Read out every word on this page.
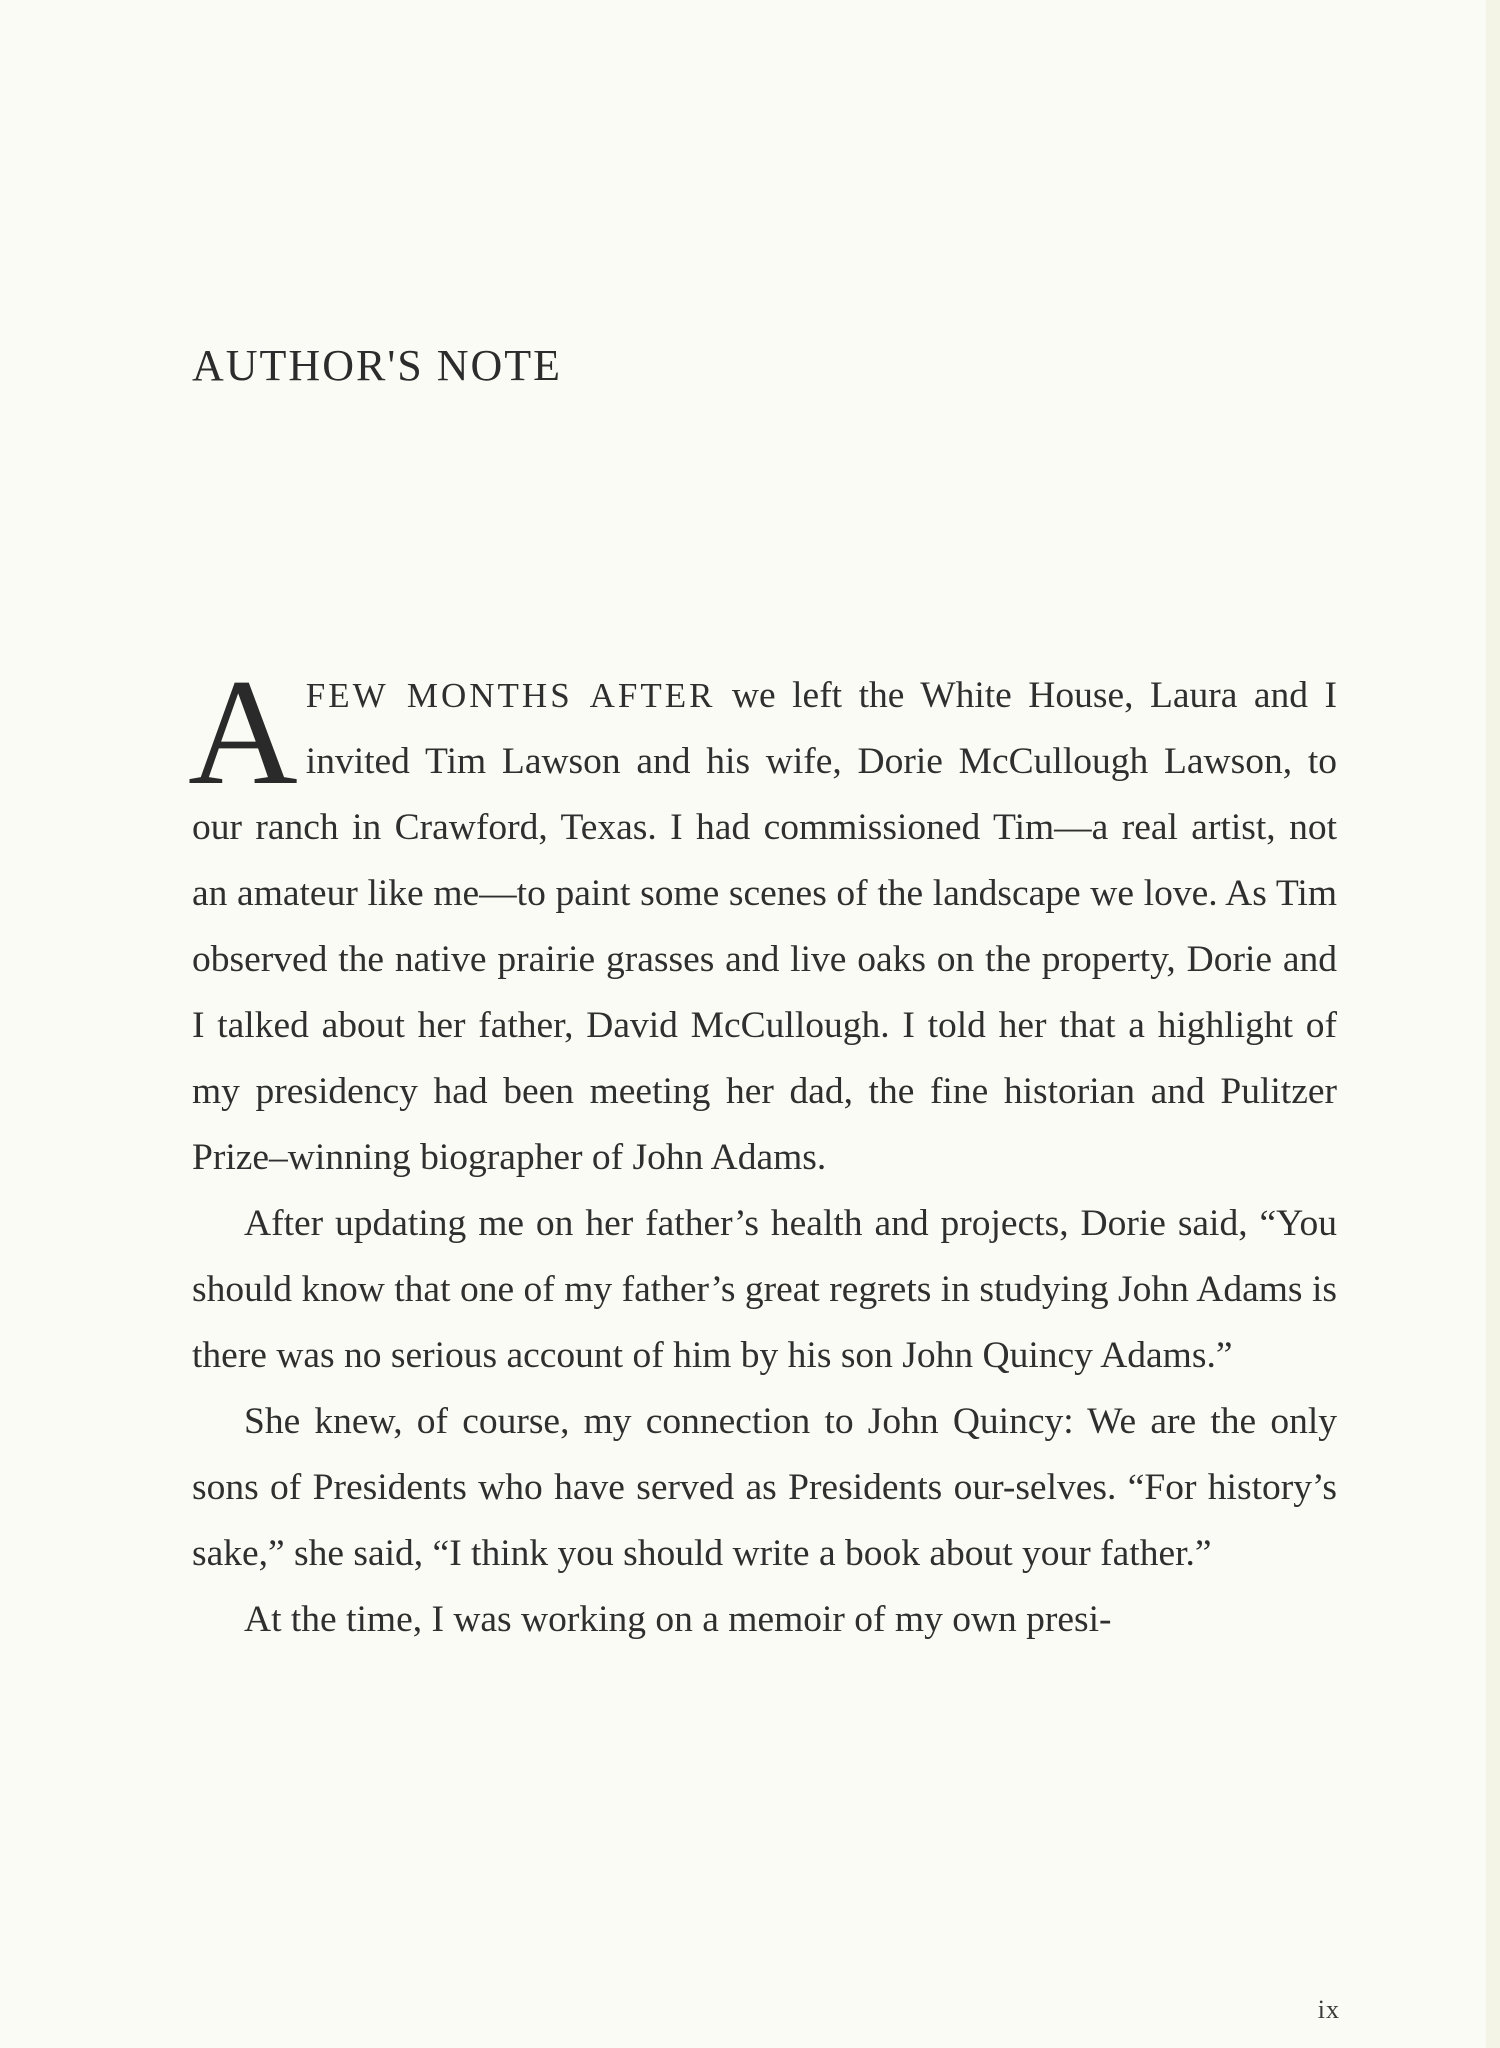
AUTHOR'S NOTE

AFEW MONTHS AFTER we left the White House, Laura and I invited Tim Lawson and his wife, Dorie McCullough Lawson, to our ranch in Crawford, Texas. I had commissioned Tim—a real artist, not an amateur like me—to paint some scenes of the landscape we love. As Tim observed the native prairie grasses and live oaks on the property, Dorie and I talked about her father, David McCullough. I told her that a highlight of my presidency had been meeting her dad, the fine historian and Pulitzer Prize–winning biographer of John Adams.

After updating me on her father’s health and projects, Dorie said, “You should know that one of my father’s great regrets in studying John Adams is there was no serious account of him by his son John Quincy Adams.”

She knew, of course, my connection to John Quincy: We are the only sons of Presidents who have served as Presidents our-selves. “For history’s sake,” she said, “I think you should write a book about your father.”

At the time, I was working on a memoir of my own presi-

ix
